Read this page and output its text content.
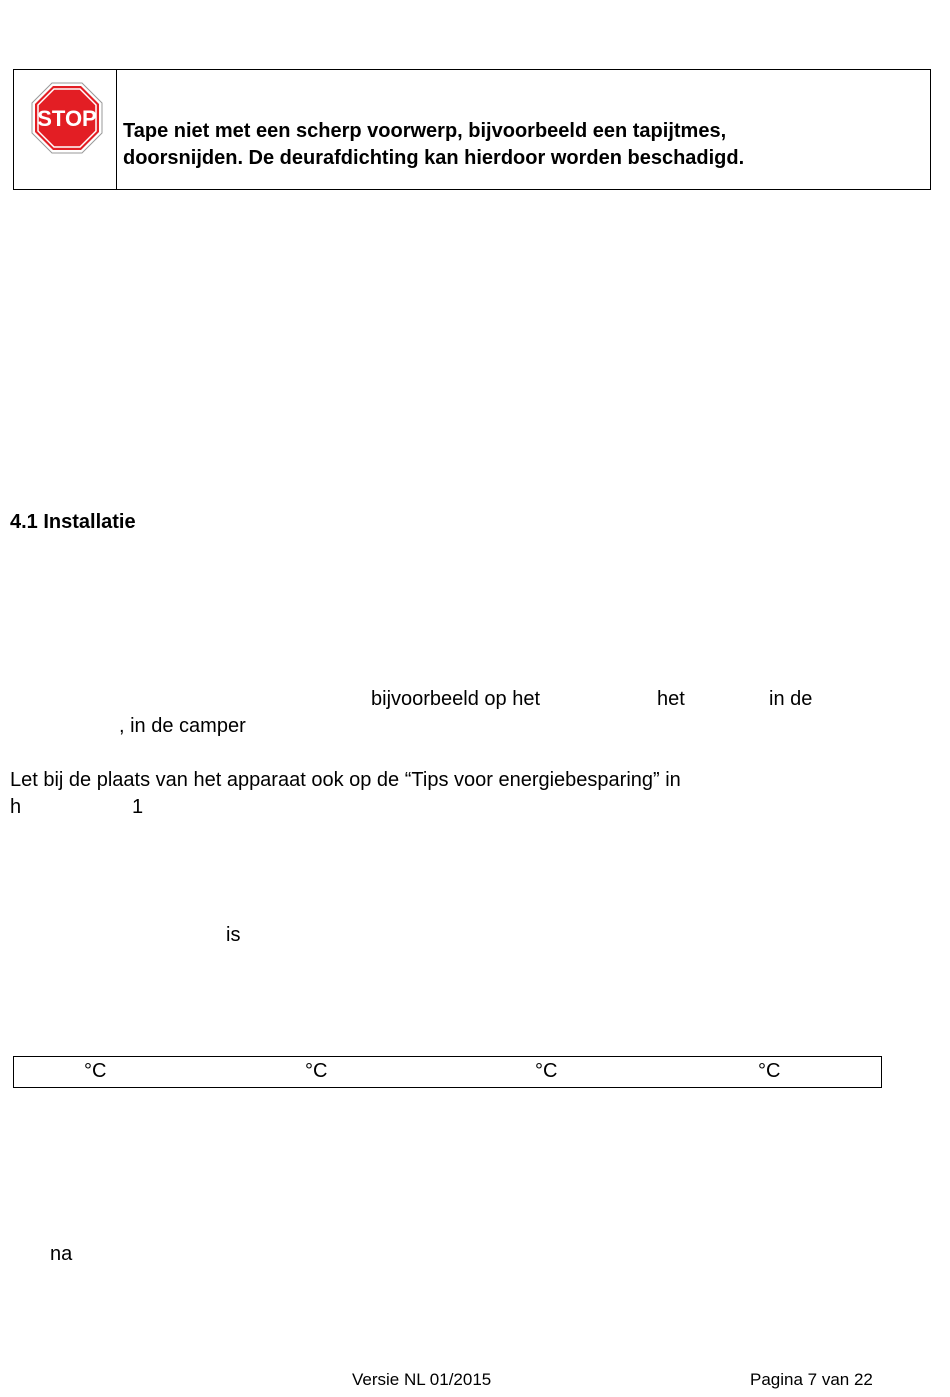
STOP Tape niet met een scherp voorwerp, bijvoorbeeld een tapijtmes,
doorsnijden. De deurafdichting kan hierdoor worden beschadigd.
4.1 Installatie
bijvoorbeeld op het	het	in de
, in de camper
Let bij de plaats van het apparaat ook op de “Tips voor energiebesparing” in
h	1
is
°C	°C	°C	°C
na
Versie NL 01/2015	Pagina 7 van 22
